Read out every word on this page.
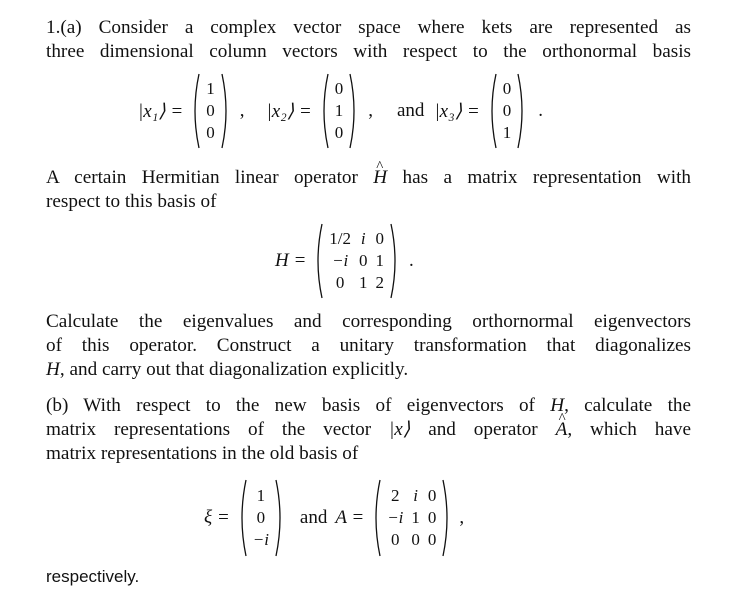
1.(a) Consider a complex vector space where kets are represented as
three dimensional column vectors with respect to the orthonormal basis
|x₁⟩ =
1
0
0
, |x₂⟩ =
0
1
0
, and |x₃⟩ =
0
0
1
.
A certain Hermitian linear operator ^ H has a matrix representation with
respect to this basis of
H =
1/2 i 0
−i 0 1
0 1 2
.
Calculate the eigenvalues and corresponding orthornormal eigenvectors
of this operator. Construct a unitary transformation that diagonalizes
H, and carry out that diagonalization explicitly.
(b) With respect to the new basis of eigenvectors of H, calculate the
matrix representations of the vector |x⟩ and operator ^ A, which have
matrix representations in the old basis of
ξ =
1
0
−i
and A =
2 i 0
−i 1 0
0 0 0
,
respectively.
